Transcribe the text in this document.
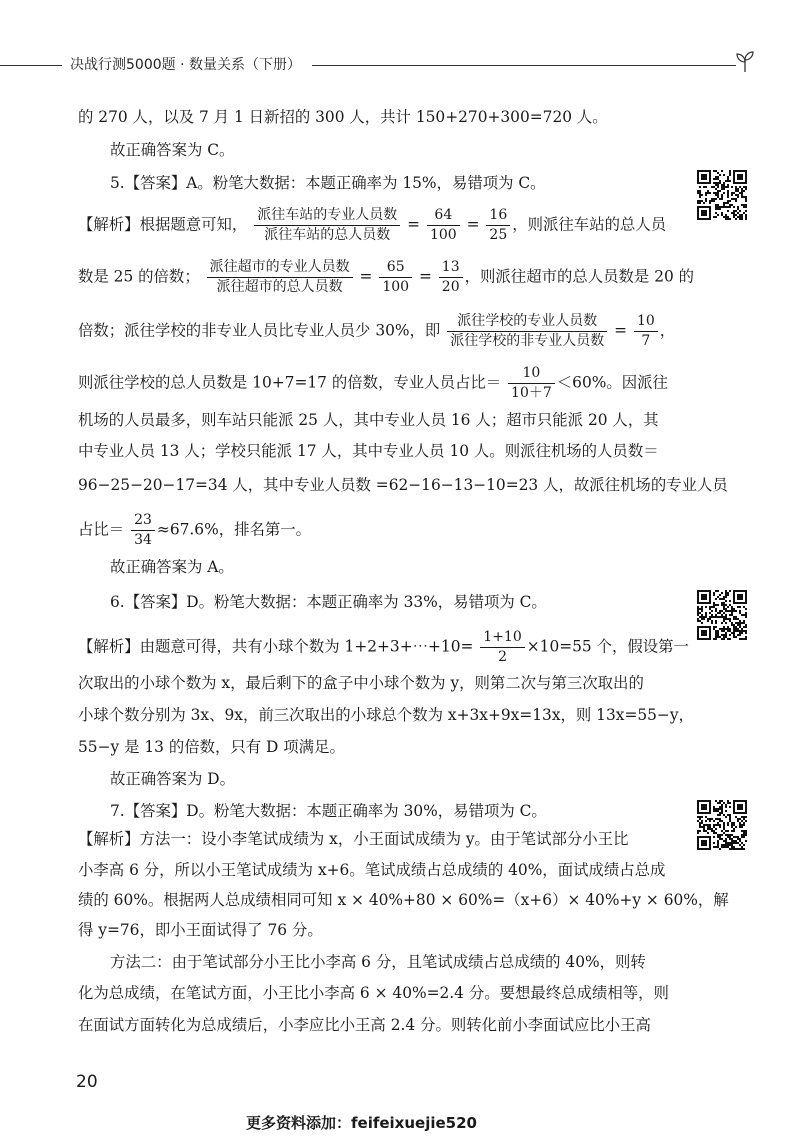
决战行测5000题 · 数量关系（下册）
的 270 人，以及 7 月 1 日新招的 300 人，共计 150+270+300=720 人。
故正确答案为 C。
5.【答案】A。粉笔大数据：本题正确率为 15%，易错项为 C。
【解析】根据题意可知， $\frac{\text{派往车站的专业人员数}}{\text{派往车站的总人员数}} = \frac{64}{100} = \frac{16}{25}$ ，则派往车站的总人员
数是 25 的倍数； $\frac{\text{派往超市的专业人员数}}{\text{派往超市的总人员数}} = \frac{65}{100} = \frac{13}{20}$ ，则派往超市的总人员数是 20 的
倍数；派往学校的非专业人员比专业人员少 30%，即 $\frac{\text{派往学校的专业人员数}}{\text{派往学校的非专业人员数}} = \frac{10}{7}$ ，
则派往学校的总人员数是 10+7=17 的倍数，专业人员占比＝ $\frac{10}{10+7} <60\%$。因派往
机场的人员最多，则车站只能派 25 人，其中专业人员 16 人；超市只能派 20 人，其
中专业人员 13 人；学校只能派 17 人，其中专业人员 10 人。则派往机场的人员数＝
96−25−20−17=34 人，其中专业人员数 =62−16−13−10=23 人，故派往机场的专业人员
占比＝ $\frac{23}{34} \approx 67.6\%$，排名第一。
故正确答案为 A。
6.【答案】D。粉笔大数据：本题正确率为 33%，易错项为 C。
【解析】由题意可得，共有小球个数为 1+2+3+⋯+10= $\frac{1+10}{2} \times 10=55$ 个，假设第一
次取出的小球个数为 x，最后剩下的盒子中小球个数为 y，则第二次与第三次取出的
小球个数分别为 3x、9x，前三次取出的小球总个数为 x+3x+9x=13x，则 13x=55−y，
55−y 是 13 的倍数，只有 D 项满足。
故正确答案为 D。
7.【答案】D。粉笔大数据：本题正确率为 30%，易错项为 C。
【解析】方法一：设小李笔试成绩为 x，小王面试成绩为 y。由于笔试部分小王比
小李高 6 分，所以小王笔试成绩为 x+6。笔试成绩占总成绩的 40%，面试成绩占总成
绩的 60%。根据两人总成绩相同可知 x × 40%+80 × 60%=（x+6）× 40%+y × 60%，解
得 y=76，即小王面试得了 76 分。
方法二：由于笔试部分小王比小李高 6 分，且笔试成绩占总成绩的 40%，则转
化为总成绩，在笔试方面，小王比小李高 6 × 40%=2.4 分。要想最终总成绩相等，则
在面试方面转化为总成绩后，小李应比小王高 2.4 分。则转化前小李面试应比小王高
20
更多资料添加：feifeixuejie520
